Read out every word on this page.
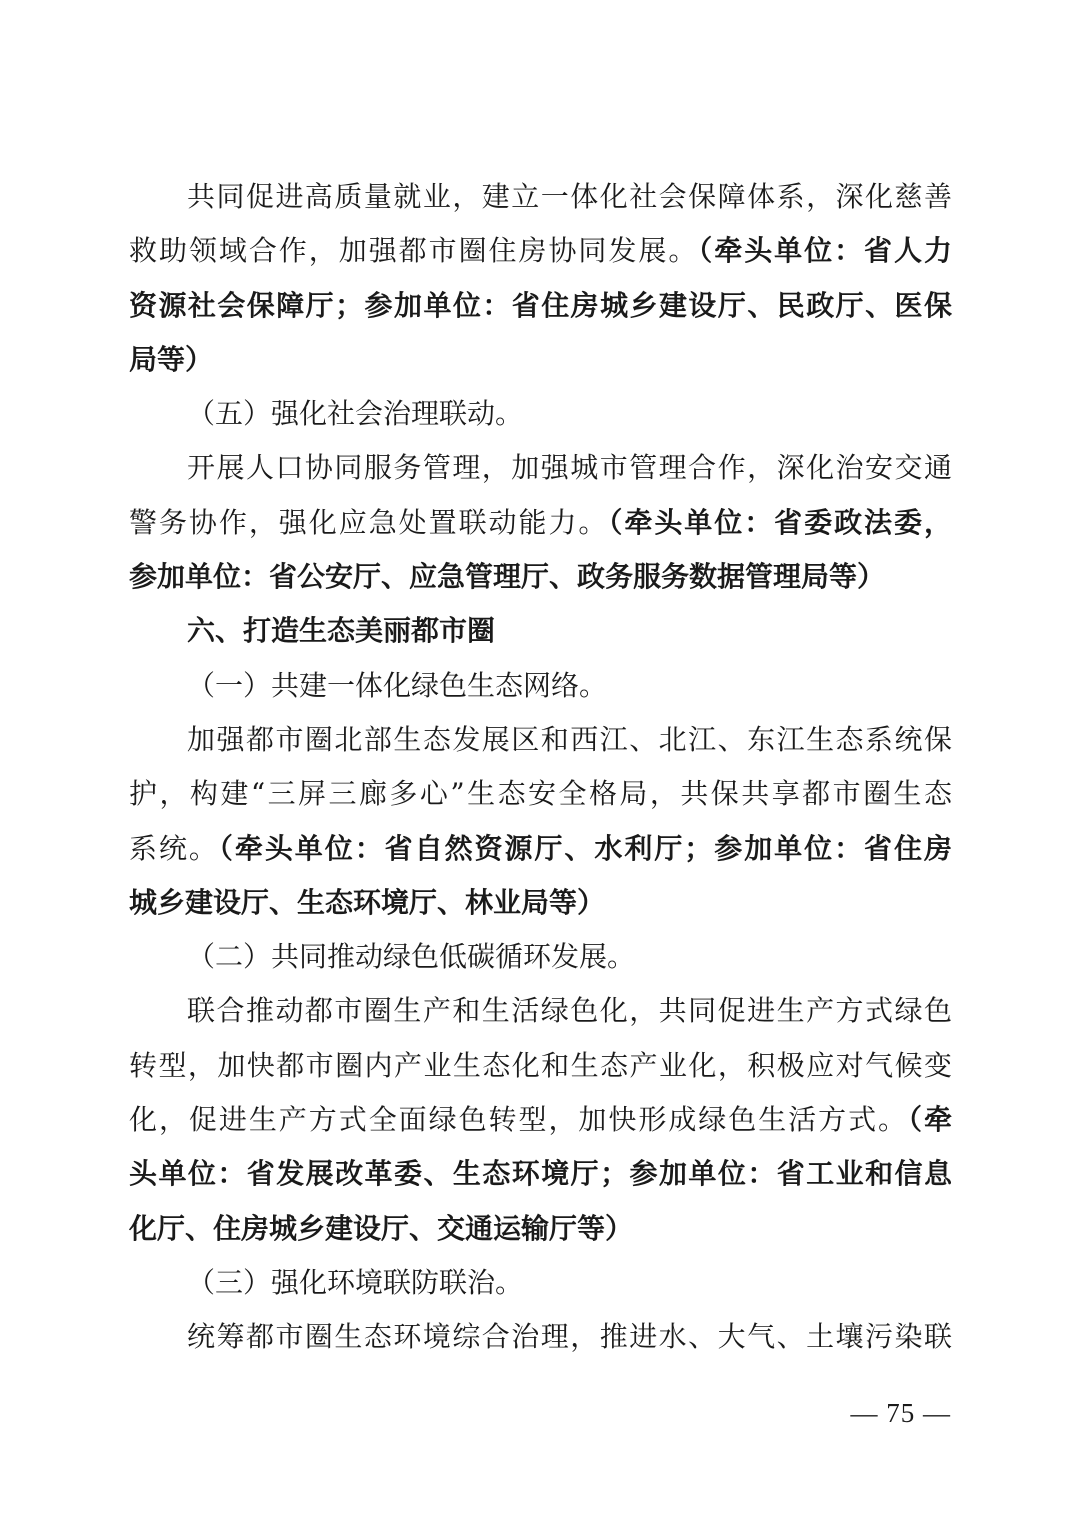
共同促进高质量就业，建立一体化社会保障体系，深化慈善
救助领域合作，加强都市圈住房协同发展。（牵头单位：省人力
资源社会保障厅；参加单位：省住房城乡建设厅、民政厅、医保
局等）
（五）强化社会治理联动。
开展人口协同服务管理，加强城市管理合作，深化治安交通
警务协作，强化应急处置联动能力。（牵头单位：省委政法委，
参加单位：省公安厅、应急管理厅、政务服务数据管理局等）
六、打造生态美丽都市圈
（一）共建一体化绿色生态网络。
加强都市圈北部生态发展区和西江、北江、东江生态系统保
护，构建“三屏三廊多心”生态安全格局，共保共享都市圈生态
系统。（牵头单位：省自然资源厅、水利厅；参加单位：省住房
城乡建设厅、生态环境厅、林业局等）
（二）共同推动绿色低碳循环发展。
联合推动都市圈生产和生活绿色化，共同促进生产方式绿色
转型，加快都市圈内产业生态化和生态产业化，积极应对气候变
化，促进生产方式全面绿色转型，加快形成绿色生活方式。（牵
头单位：省发展改革委、生态环境厅；参加单位：省工业和信息
化厅、住房城乡建设厅、交通运输厅等）
（三）强化环境联防联治。
统筹都市圈生态环境综合治理，推进水、大气、土壤污染联
— 75 —
